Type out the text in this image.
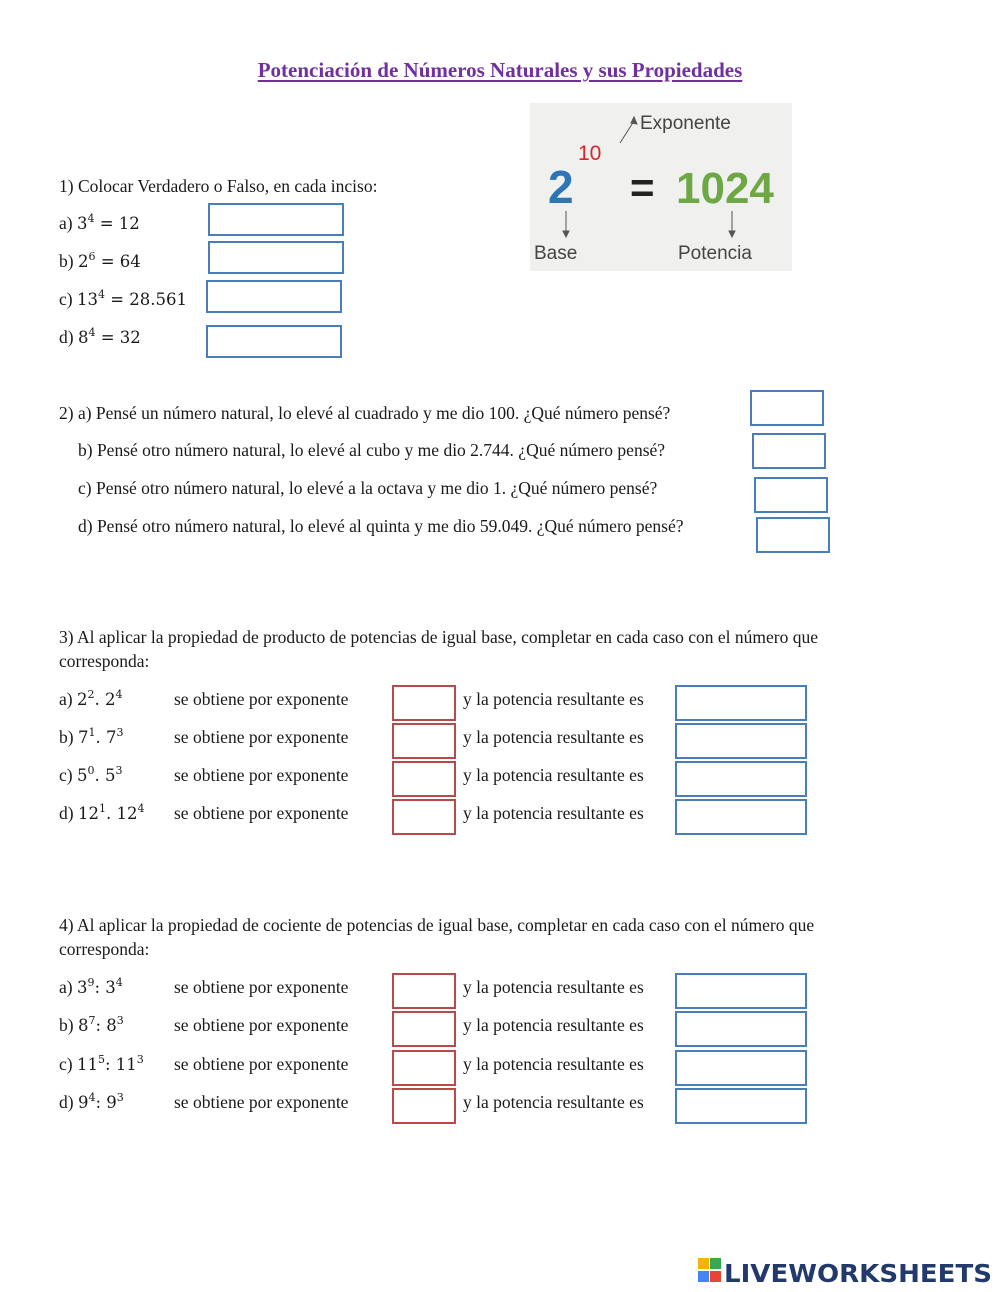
Potenciación de Números Naturales y sus Propiedades
2
10
= 1024
Exponente
Base	Potencia
1) Colocar Verdadero o Falso, en cada inciso:
a) $3^4 = 12$
b) $2^6 = 64$
c) $13^4 = 28.561$
d) $8^4 = 32$
2) a) Pensé un número natural, lo elevé al cuadrado y me dio 100. ¿Qué número pensé?
b) Pensé otro número natural, lo elevé al cubo y me dio 2.744. ¿Qué número pensé?
c) Pensé otro número natural, lo elevé a la octava y me dio 1. ¿Qué número pensé?
d) Pensé otro número natural, lo elevé al quinta y me dio 59.049. ¿Qué número pensé?
3) Al aplicar la propiedad de producto de potencias de igual base, completar en cada caso con el número que
corresponda:
a) $2^2$. $2^4$
b) $7^1$. $7^3$
c) $5^0$. $5^3$
d) $12^1$. $12^4$
se obtiene por exponente
se obtiene por exponente
se obtiene por exponente
se obtiene por exponente
y la potencia resultante es
y la potencia resultante es
y la potencia resultante es
y la potencia resultante es
4) Al aplicar la propiedad de cociente de potencias de igual base, completar en cada caso con el número que
corresponda:
a) $3^9$: $3^4$
b) $8^7$: $8^3$
c) $11^5$: $11^3$
d) $9^4$: $9^3$
se obtiene por exponente
se obtiene por exponente
se obtiene por exponente
se obtiene por exponente
y la potencia resultante es
y la potencia resultante es
y la potencia resultante es
y la potencia resultante es
LIVEWORKSHEETS
